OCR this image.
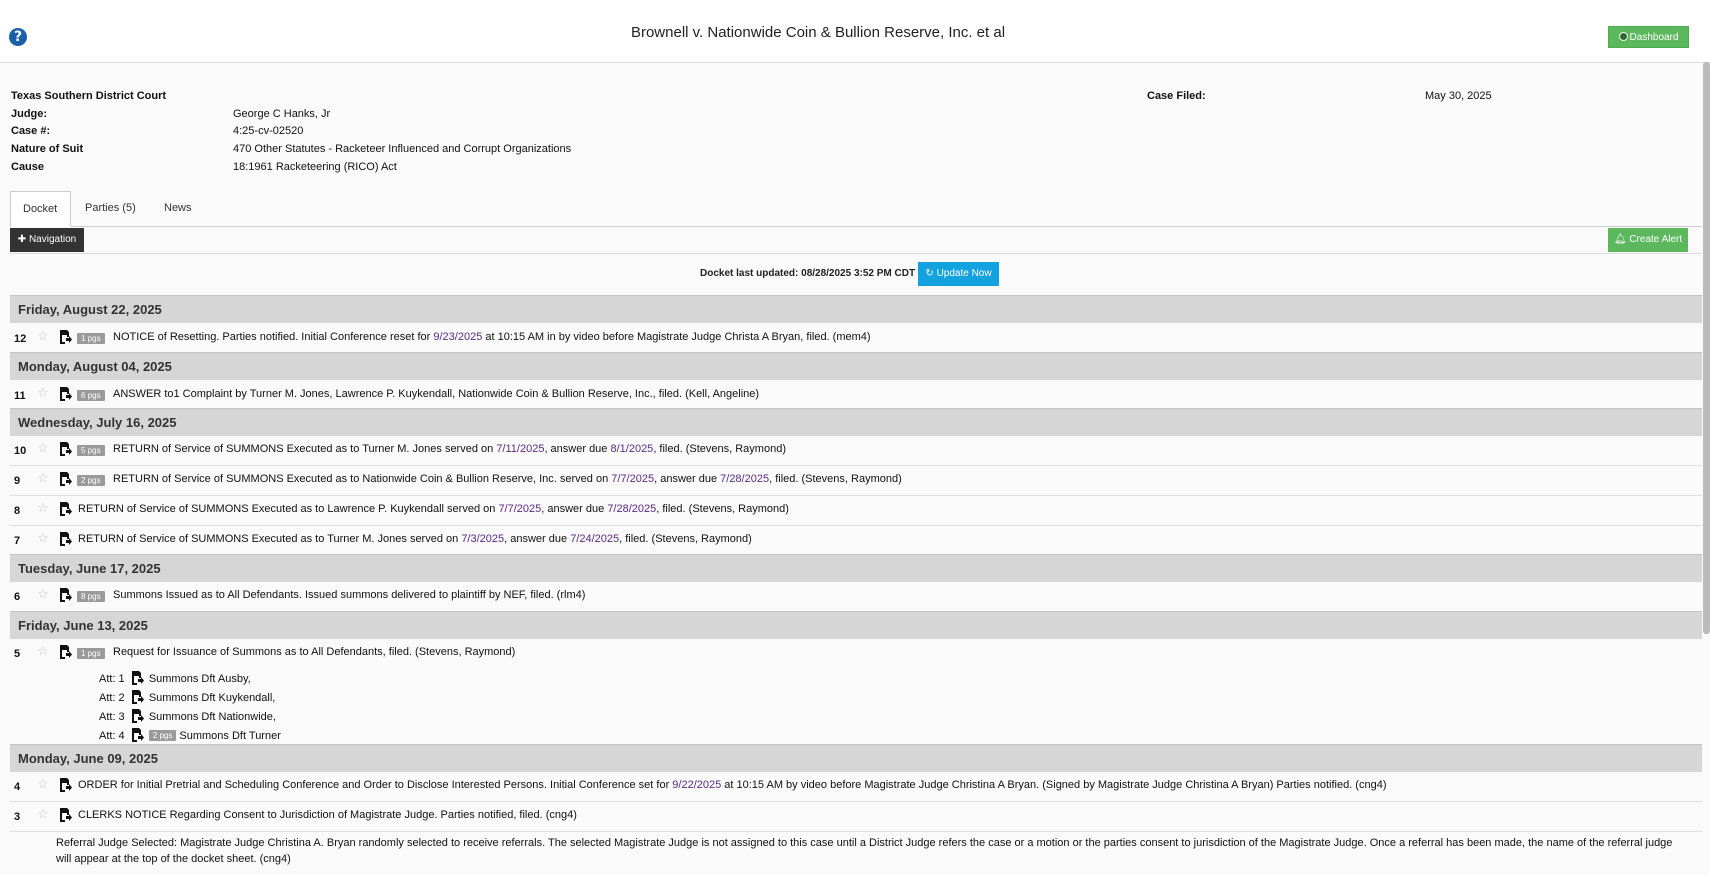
?	Brownell v. Nationwide Coin & Bullion Reserve, Inc. et al	Dashboard
Texas Southern District Court	Case Filed:	May 30, 2025
Judge:	George C Hanks, Jr
Case #:	4:25-cv-02520
Nature of Suit	470 Other Statutes - Racketeer Influenced and Corrupt Organizations
Cause	18:1961 Racketeering (RICO) Act
Docket	Parties (5)	News
✚ Navigation	🔔︎ Create Alert
Docket last updated: 08/28/2025 3:52 PM CDT	↻ Update Now
Friday, August 22, 2025
12 ☆	1 pgs	NOTICE of Resetting. Parties notified. Initial Conference reset for 9/23/2025 at 10:15 AM in by video before Magistrate Judge Christa A Bryan, filed. (mem4)
Monday, August 04, 2025
11 ☆	6 pgs	ANSWER to1 Complaint by Turner M. Jones, Lawrence P. Kuykendall, Nationwide Coin & Bullion Reserve, Inc., filed. (Kell, Angeline)
Wednesday, July 16, 2025
10 ☆	5 pgs	RETURN of Service of SUMMONS Executed as to Turner M. Jones served on 7/11/2025, answer due 8/1/2025, filed. (Stevens, Raymond)
9 ☆	2 pgs	RETURN of Service of SUMMONS Executed as to Nationwide Coin & Bullion Reserve, Inc. served on 7/7/2025, answer due 7/28/2025, filed. (Stevens, Raymond)
8 ☆	RETURN of Service of SUMMONS Executed as to Lawrence P. Kuykendall served on 7/7/2025, answer due 7/28/2025, filed. (Stevens, Raymond)
7 ☆	RETURN of Service of SUMMONS Executed as to Turner M. Jones served on 7/3/2025, answer due 7/24/2025, filed. (Stevens, Raymond)
Tuesday, June 17, 2025
6 ☆	8 pgs	Summons Issued as to All Defendants. Issued summons delivered to plaintiff by NEF, filed. (rlm4)
Friday, June 13, 2025
5 ☆	1 pgs	Request for Issuance of Summons as to All Defendants, filed. (Stevens, Raymond)
Att: 1 Summons Dft Ausby,
Att: 2 Summons Dft Kuykendall,
Att: 3 Summons Dft Nationwide,
Att: 4	2 pgs Summons Dft Turner
Monday, June 09, 2025
4 ☆	ORDER for Initial Pretrial and Scheduling Conference and Order to Disclose Interested Persons. Initial Conference set for 9/22/2025 at 10:15 AM by video before Magistrate Judge Christina A Bryan. (Signed by Magistrate Judge Christina A Bryan) Parties notified. (cng4)
3 ☆	CLERKS NOTICE Regarding Consent to Jurisdiction of Magistrate Judge. Parties notified, filed. (cng4)
Referral Judge Selected: Magistrate Judge Christina A. Bryan randomly selected to receive referrals. The selected Magistrate Judge is not assigned to this case until a District Judge refers the case or a motion or the parties consent to jurisdiction of the Magistrate Judge. Once a referral has been made, the name of the referral judge will appear at the top of the docket sheet. (cng4)
